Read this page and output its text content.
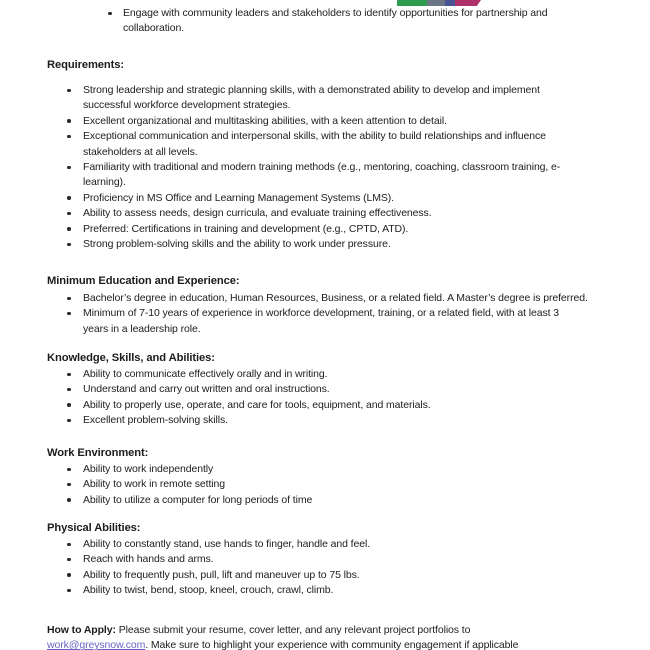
Engage with community leaders and stakeholders to identify opportunities for partnership and
collaboration.
Requirements:
Strong leadership and strategic planning skills, with a demonstrated ability to develop and implement
successful workforce development strategies.
Excellent organizational and multitasking abilities, with a keen attention to detail.
Exceptional communication and interpersonal skills, with the ability to build relationships and influence
stakeholders at all levels.
Familiarity with traditional and modern training methods (e.g., mentoring, coaching, classroom training, e-
learning).
Proficiency in MS Office and Learning Management Systems (LMS).
Ability to assess needs, design curricula, and evaluate training effectiveness.
Preferred: Certifications in training and development (e.g., CPTD, ATD).
Strong problem-solving skills and the ability to work under pressure.
Minimum Education and Experience:
Bachelor’s degree in education, Human Resources, Business, or a related field. A Master’s degree is preferred.
Minimum of 7-10 years of experience in workforce development, training, or a related field, with at least 3
years in a leadership role.
Knowledge, Skills, and Abilities:
Ability to communicate effectively orally and in writing.
Understand and carry out written and oral instructions.
Ability to properly use, operate, and care for tools, equipment, and materials.
Excellent problem-solving skills.
Work Environment:
Ability to work independently
Ability to work in remote setting
Ability to utilize a computer for long periods of time
Physical Abilities:
Ability to constantly stand, use hands to finger, handle and feel.
Reach with hands and arms.
Ability to frequently push, pull, lift and maneuver up to 75 lbs.
Ability to twist, bend, stoop, kneel, crouch, crawl, climb.
How to Apply: Please submit your resume, cover letter, and any relevant project portfolios to
work@greysnow.com. Make sure to highlight your experience with community engagement if applicable
